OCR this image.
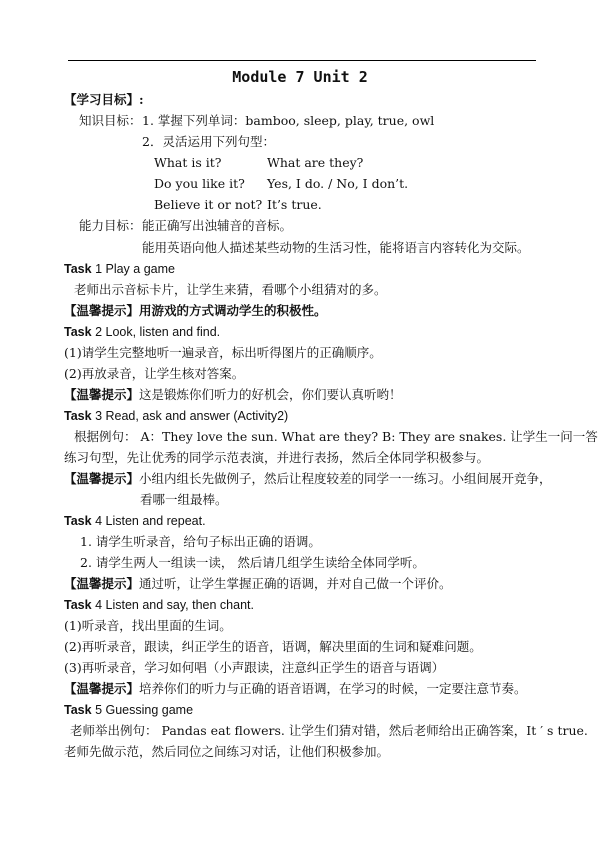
Module 7 Unit 2
【学习目标】:
知识目标： 1. 掌握下列单词：bamboo, sleep, play, true, owl
2．灵活运用下列句型：
What is it?	What are they?
Do you like it? Yes, I do. / No, I don’t.
Believe it or not? It’s true.
能力目标： 能正确写出浊辅音的音标。
能用英语向他人描述某些动物的生活习性，能将语言内容转化为交际。
Task 1 Play a game
老师出示音标卡片，让学生来猜，看哪个小组猜对的多。
【温馨提示】用游戏的方式调动学生的积极性。
Task 2 Look, listen and find.
(1)请学生完整地听一遍录音，标出听得图片的正确顺序。
(2)再放录音，让学生核对答案。
【温馨提示】这是锻炼你们听力的好机会，你们要认真听哟！
Task 3 Read, ask and answer (Activity2)
根据例句： A：They love the sun. What are they? B: They are snakes. 让学生一问一答
练习句型，先让优秀的同学示范表演，并进行表扬，然后全体同学积极参与。
【温馨提示】小组内组长先做例子，然后让程度较差的同学一一练习。小组间展开竞争，
看哪一组最棒。
Task 4 Listen and repeat.
1. 请学生听录音，给句子标出正确的语调。
2. 请学生两人一组读一读， 然后请几组学生读给全体同学听。
【温馨提示】通过听，让学生掌握正确的语调，并对自己做一个评价。
Task 4 Listen and say, then chant.
(1)听录音，找出里面的生词。
(2)再听录音，跟读，纠正学生的语音，语调，解决里面的生词和疑难问题。
(3)再听录音，学习如何唱（小声跟读，注意纠正学生的语音与语调）
【温馨提示】培养你们的听力与正确的语音语调，在学习的时候，一定要注意节奏。
Task 5 Guessing game
老师举出例句： Pandas eat flowers. 让学生们猜对错，然后老师给出正确答案，It ′ s true.
老师先做示范，然后同位之间练习对话，让他们积极参加。
